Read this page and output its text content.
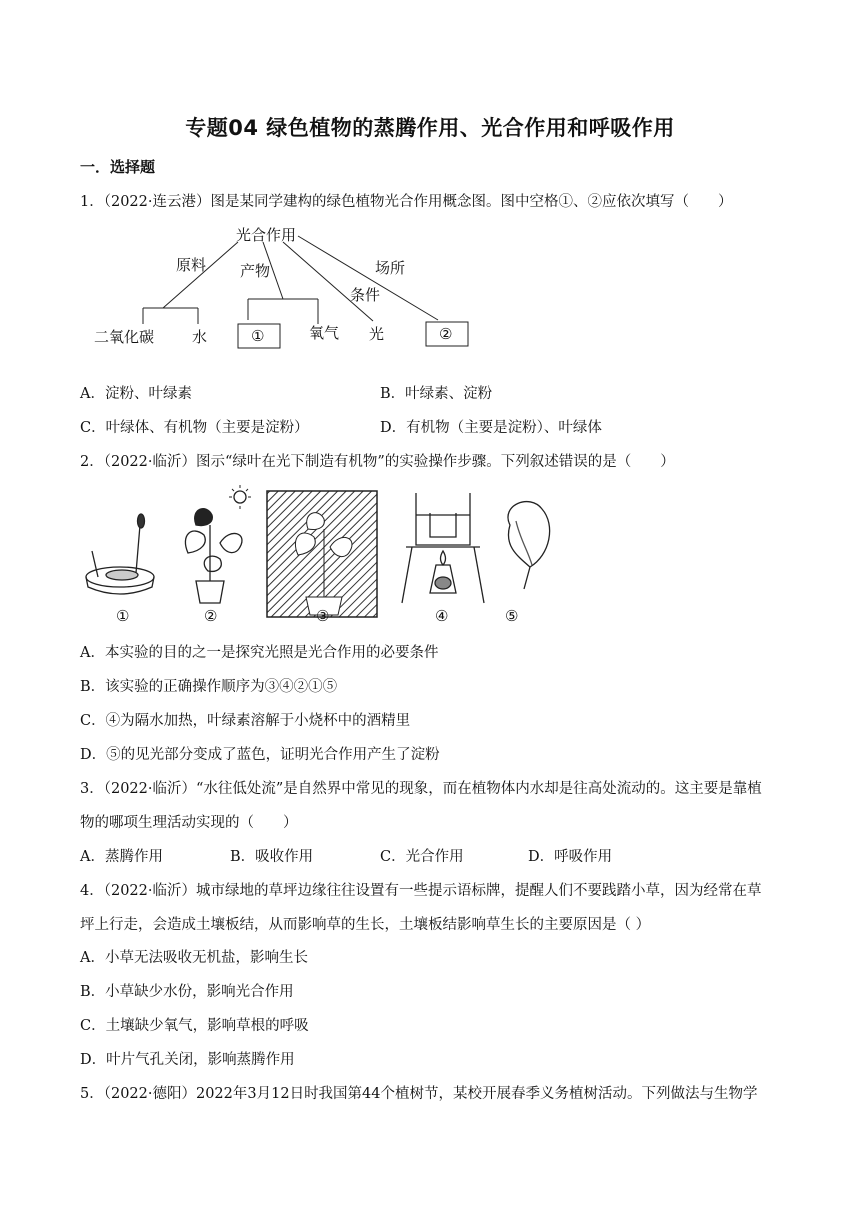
专题04 绿色植物的蒸腾作用、光合作用和呼吸作用
一．选择题
1．（2022·连云港）图是某同学建构的绿色植物光合作用概念图。图中空格①、②应依次填写（　　）
光合作用
原料 产物
条件
场所
二氧化碳	水	①	氧气 光	②
A．淀粉、叶绿素	B．叶绿素、淀粉
C．叶绿体、有机物（主要是淀粉）	D．有机物（主要是淀粉）、叶绿体
2．（2022·临沂）图示“绿叶在光下制造有机物”的实验操作步骤。下列叙述错误的是（　　）
①	②	③	④	⑤
A．本实验的目的之一是探究光照是光合作用的必要条件
B．该实验的正确操作顺序为③④②①⑤
C．④为隔水加热，叶绿素溶解于小烧杯中的酒精里
D．⑤的见光部分变成了蓝色，证明光合作用产生了淀粉
3．（2022·临沂）“水往低处流”是自然界中常见的现象，而在植物体内水却是往高处流动的。这主要是靠植
物的哪项生理活动实现的（　　）
A．蒸腾作用	B．吸收作用	C．光合作用	D．呼吸作用
4．（2022·临沂）城市绿地的草坪边缘往往设置有一些提示语标牌，提醒人们不要践踏小草，因为经常在草
坪上行走，会造成土壤板结，从而影响草的生长，土壤板结影响草生长的主要原因是（ ）
A．小草无法吸收无机盐，影响生长
B．小草缺少水份，影响光合作用
C．土壤缺少氧气，影响草根的呼吸
D．叶片气孔关闭，影响蒸腾作用
5．（2022·德阳）2022年3月12日时我国第44个植树节，某校开展春季义务植树活动。下列做法与生物学
